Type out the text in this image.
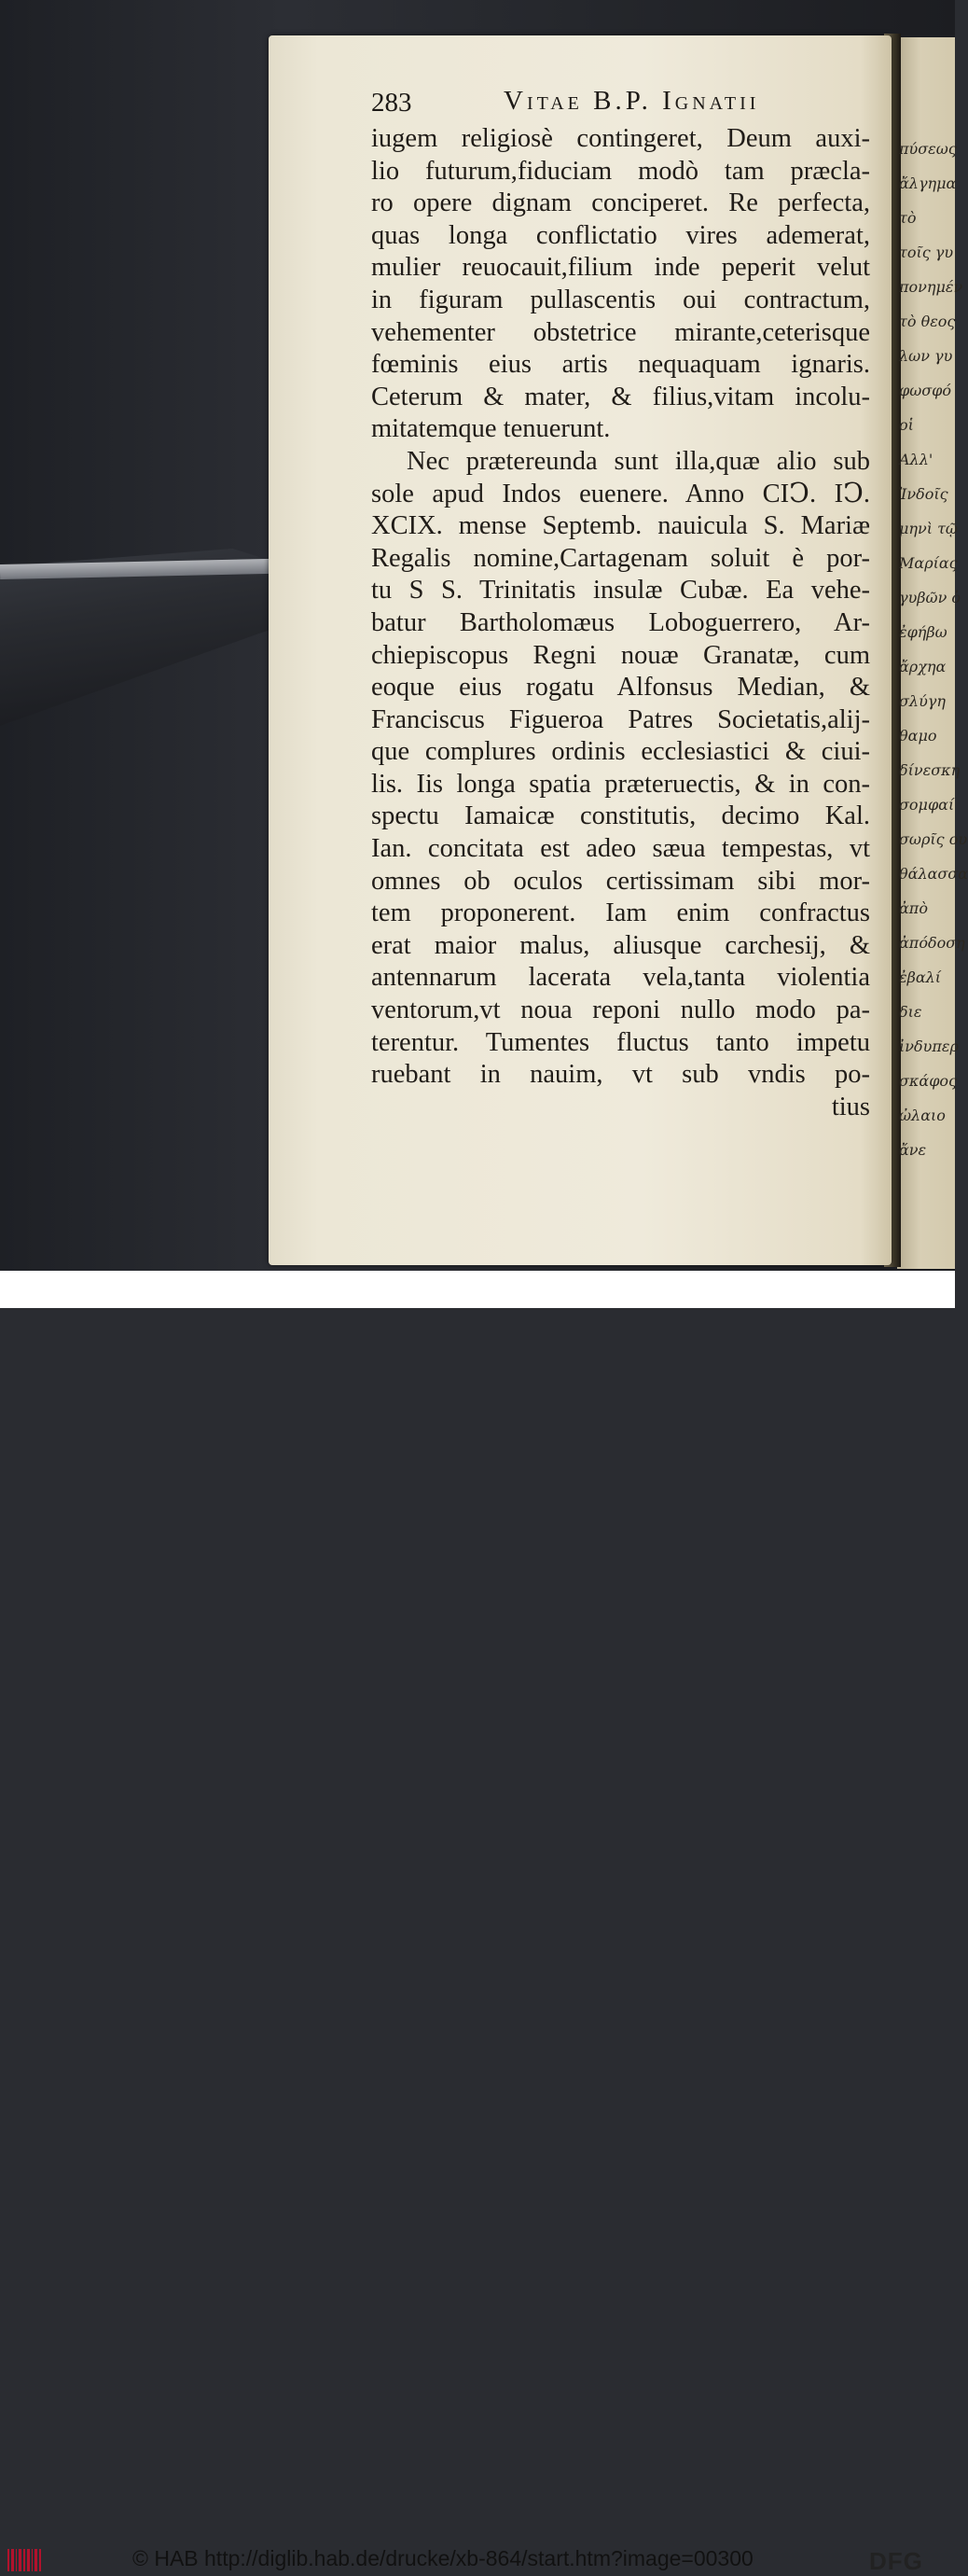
πύσεως
ἄλγημα
τὸ
τοῖς γυ
πονημέν
τὸ θεος
λων γυ
φωσφό
οἱ
Αλλ'
Ἰνδοῖς
μηνὶ τῷ
Μαρίας
γυβῶν ὁ
ἐφήβω
ἄρχηα
σλύγη
θαμο
δίνεσκη
σομφαί
σωρῖς ου
θάλασσα
ἀπὸ
ἀπόδοση
ἐβαλί
διε
ἰνδυπερ
σκάφος
ὠλαιο
ἄνε
283	Vitae B.P. Ignatii
iugem religiosè contingeret, Deum auxi-
lio futurum,fiduciam modò tam præcla-
ro opere dignam conciperet. Re perfecta,
quas longa conflictatio vires ademerat,
mulier reuocauit,filium inde peperit velut
in figuram pullascentis oui contractum,
vehementer obstetrice mirante,ceterisque
fœminis eius artis nequaquam ignaris.
Ceterum & mater, & filius,vitam incolu-
mitatemque tenuerunt.
Nec prætereunda sunt illa,quæ alio sub
sole apud Indos euenere. Anno CIↃ. IↃ.
XCIX. mense Septemb. nauicula S. Mariæ
Regalis nomine,Cartagenam soluit è por-
tu S S. Trinitatis insulæ Cubæ. Ea vehe-
batur Bartholomæus Loboguerrero, Ar-
chiepiscopus Regni nouæ Granatæ, cum
eoque eius rogatu Alfonsus Median, &
Franciscus Figueroa Patres Societatis,alij-
que complures ordinis ecclesiastici & ciui-
lis. Iis longa spatia præteruectis, & in con-
spectu Iamaicæ constitutis, decimo Kal.
Ian. concitata est adeo sæua tempestas, vt
omnes ob oculos certissimam sibi mor-
tem proponerent. Iam enim confractus
erat maior malus, aliusque carchesij, &
antennarum lacerata vela,tanta violentia
ventorum,vt noua reponi nullo modo pa-
terentur. Tumentes fluctus tanto impetu
ruebant in nauim, vt sub vndis po-
tius
© HAB http://diglib.hab.de/drucke/xb-864/start.htm?image=00300	DFG
